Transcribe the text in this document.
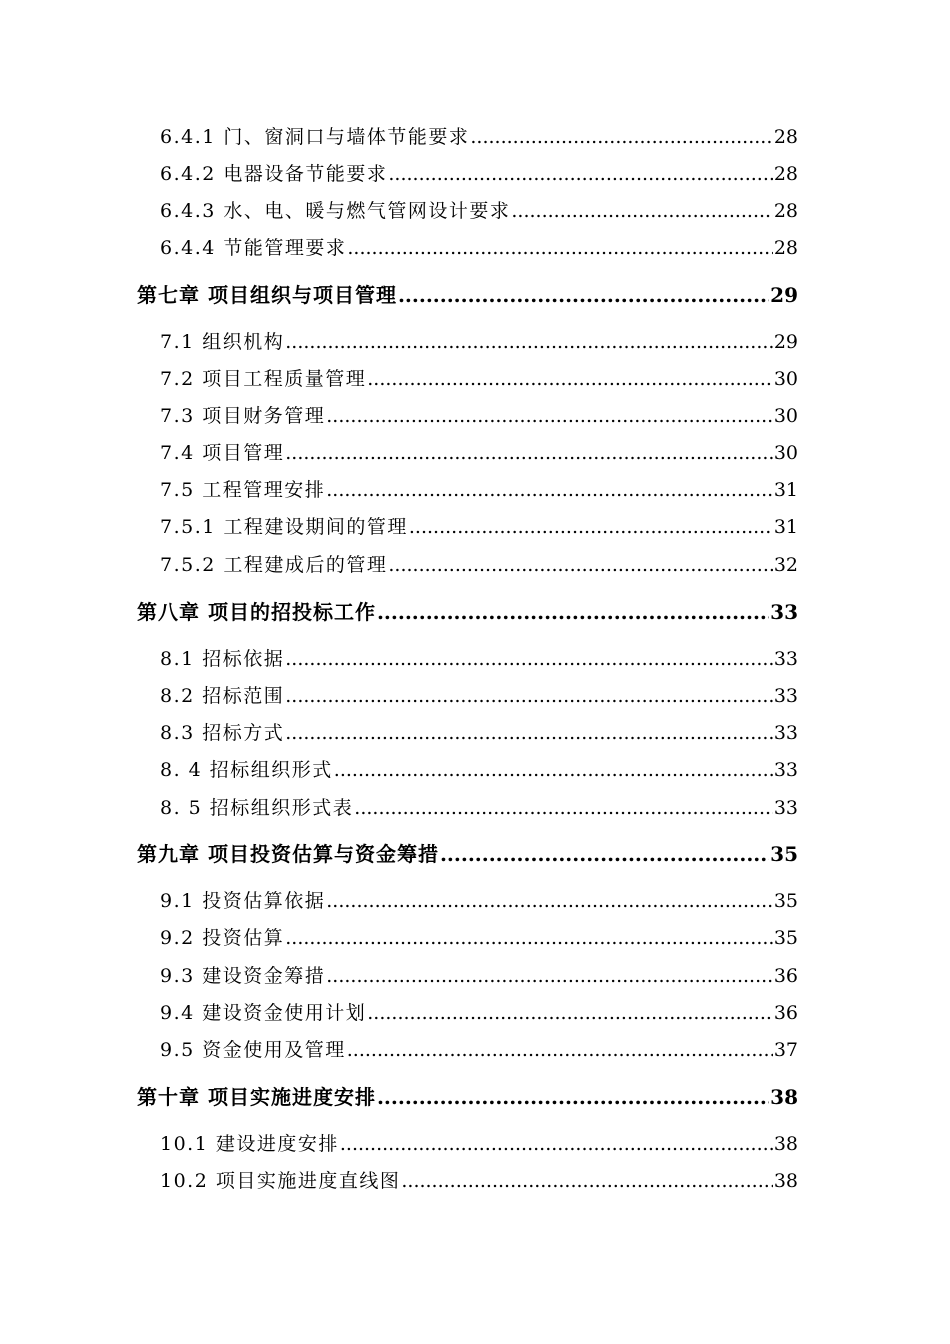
6.4.1 门、窗洞口与墙体节能要求 .....	28
6.4.2 电器设备节能要求 .....	28
6.4.3 水、电、暖与燃气管网设计要求 .....	28
6.4.4 节能管理要求 .....	28
第七章 项目组织与项目管理 .....	29
7.1 组织机构 .....	29
7.2 项目工程质量管理 .....	30
7.3 项目财务管理 .....	30
7.4 项目管理 .....	30
7.5 工程管理安排 .....	31
7.5.1 工程建设期间的管理 .....	31
7.5.2 工程建成后的管理 .....	32
第八章 项目的招投标工作 .....	33
8.1 招标依据 .....	33
8.2 招标范围 .....	33
8.3 招标方式 .....	33
8. 4 招标组织形式 .....	33
8. 5 招标组织形式表 .....	33
第九章 项目投资估算与资金筹措 .....	35
9.1 投资估算依据 .....	35
9.2 投资估算 .....	35
9.3 建设资金筹措 .....	36
9.4 建设资金使用计划 .....	36
9.5 资金使用及管理 .....	37
第十章 项目实施进度安排 .....	38
10.1 建设进度安排 .....	38
10.2 项目实施进度直线图 .....	38
